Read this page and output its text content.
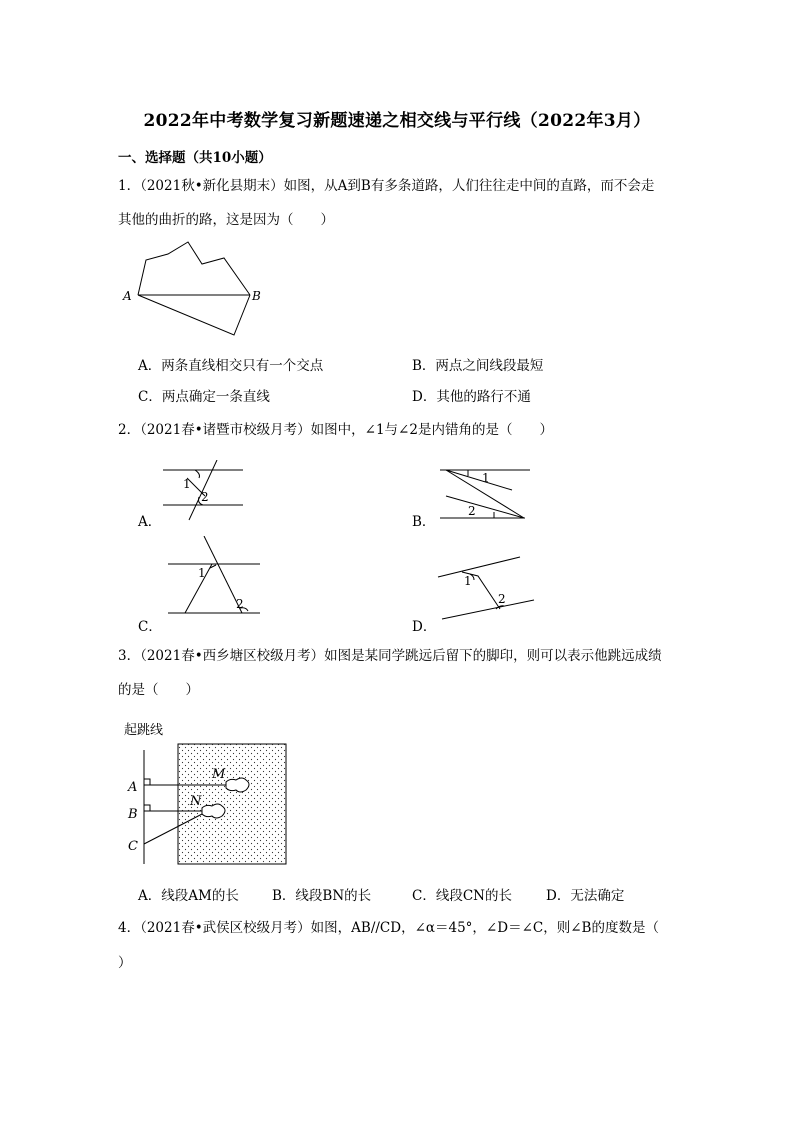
2022年中考数学复习新题速递之相交线与平行线（2022年3月）
一、选择题（共10小题）
1．（2021秋•新化县期末）如图，从A到B有多条道路，人们往往走中间的直路，而不会走
其他的曲折的路，这是因为（　　）
A	B
A．两条直线相交只有一个交点	B．两点之间线段最短
C．两点确定一条直线	D．其他的路行不通
2．（2021春•诸暨市校级月考）如图中，∠1与∠2是内错角的是（　　）
1
2
A．
1
2
B．
1
2
C．
1
2
D．
3．（2021春•西乡塘区校级月考）如图是某同学跳远后留下的脚印，则可以表示他跳远成绩
的是（　　）
起跳线
A
B
C
M
N
A．线段AM的长 B．线段BN的长	C．线段CN的长	D．无法确定
4．（2021春•武侯区校级月考）如图，AB//CD，∠α＝45°，∠D＝∠C，则∠B的度数是（
）
